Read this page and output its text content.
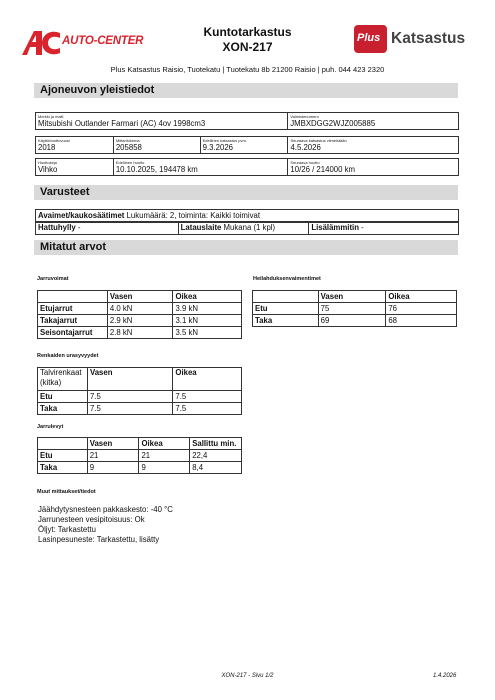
AUTO-CENTER
Kuntotarkastus
XON-217
Plus Katsastus
Plus Katsastus Raisio, Tuotekatu | Tuotekatu 8b 21200 Raisio | puh. 044 423 2320
Ajoneuvon yleistiedot
Merkki ja malli
Mitsubishi Outlander Farmari (AC) 4ov 1998cm3

Valmistenumero
JMBXDGG2WJZ005885
Käyttöönottovuosi
2018

Mittarilukema
205858

Edellinen katsastus pvm.
9.3.2026

Seuraava katsastus viimeistään
4.5.2026
Huoltokirja
Vihko

Edellinen huolto
10.10.2025, 194478 km

Seuraava huolto
10/26 / 214000 km
Varusteet
Avaimet/kaukosäätimet Lukumäärä: 2, toiminta: Kaikki toimivat
Hattuhylly -	Latauslaite Mukana (1 kpl)	Lisälämmitin -
Mitatut arvot
Jarruvoimat
	Vasen	Oikea
Etujarrut	4.0 kN	3.9 kN
Takajarrut	2.9 kN	3.1 kN
Seisontajarrut	2.8 kN	3.5 kN
Heilahduksenvaimentimet
	Vasen	Oikea
Etu	75	76
Taka	69	68
Renkaiden urasyvyydet
Talvirenkaat (kitka)	Vasen	Oikea
Etu	7.5	7.5
Taka	7.5	7.5
Jarrulevyt
	Vasen	Oikea	Sallittu min.
Etu	21	21	22,4
Taka	9	9	8,4
Muut mittaukset/tiedot
Jäähdytysnesteen pakkaskesto: -40 °C
Jarrunesteen vesipitoisuus: Ok
Öljyt: Tarkastettu
Lasinpesuneste: Tarkastettu, lisätty
XON-217 - Sivu 1/2	1.4.2026
